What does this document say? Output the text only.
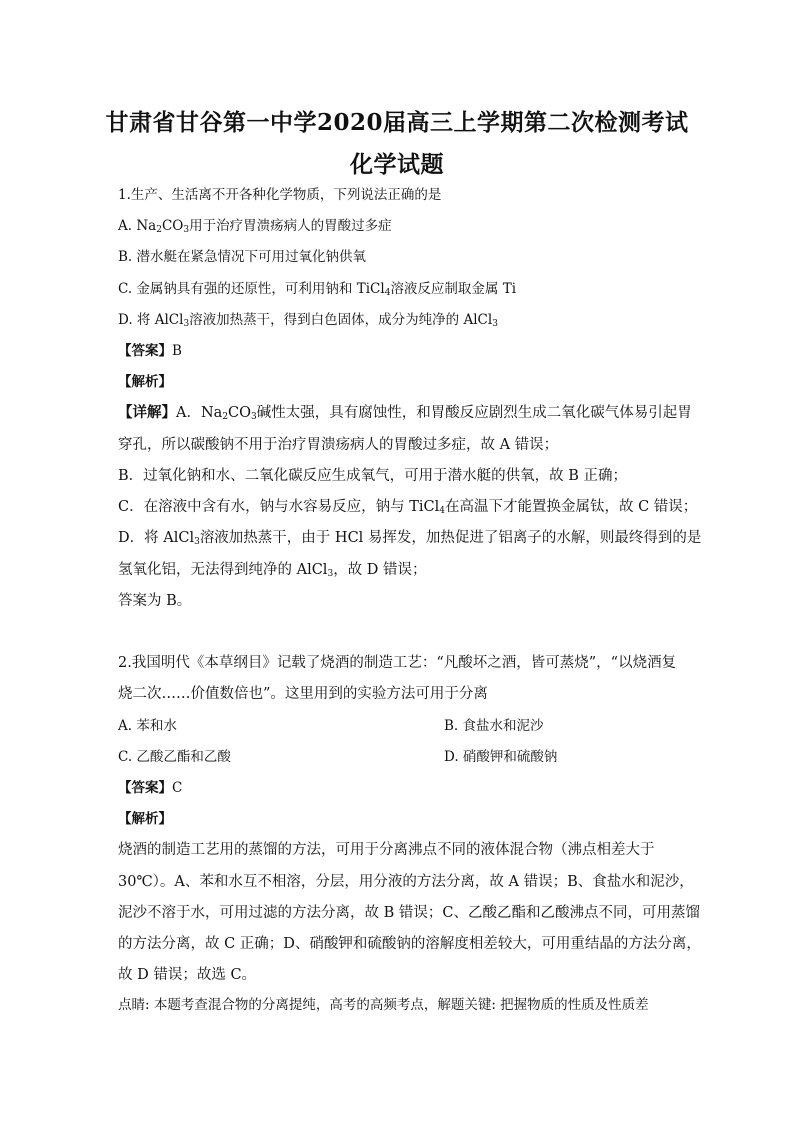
甘肃省甘谷第一中学2020届高三上学期第二次检测考试
化学试题
1.生产、生活离不开各种化学物质，下列说法正确的是
A. $Na_2CO_3$用于治疗胃溃疡病人的胃酸过多症
B. 潜水艇在紧急情况下可用过氧化钠供氧
C. 金属钠具有强的还原性，可利用钠和 TiCl$_4$溶液反应制取金属 Ti
D. 将 AlCl$_3$溶液加热蒸干，得到白色固体，成分为纯净的 AlCl$_3$
【答案】B
【解析】
【详解】A．$Na_2CO_3$碱性太强，具有腐蚀性，和胃酸反应剧烈生成二氧化碳气体易引起胃
穿孔，所以碳酸钠不用于治疗胃溃疡病人的胃酸过多症，故 A 错误；
B．过氧化钠和水、二氧化碳反应生成氧气，可用于潜水艇的供氧，故 B 正确；
C．在溶液中含有水，钠与水容易反应，钠与 TiCl$_4$在高温下才能置换金属钛，故 C 错误；
D．将 AlCl$_3$溶液加热蒸干，由于 HCl 易挥发，加热促进了铝离子的水解，则最终得到的是
氢氧化铝，无法得到纯净的 AlCl$_3$，故 D 错误；
答案为 B。
2.我国明代《本草纲目》记载了烧酒的制造工艺：“凡酸坏之酒，皆可蒸烧”，“以烧酒复
烧二次……价值数倍也”。这里用到的实验方法可用于分离
A. 苯和水	B. 食盐水和泥沙
C. 乙酸乙酯和乙酸	D. 硝酸钾和硫酸钠
【答案】C
【解析】
烧酒的制造工艺用的蒸馏的方法，可用于分离沸点不同的液体混合物（沸点相差大于
30℃）。A、苯和水互不相溶，分层，用分液的方法分离，故 A 错误；B、食盐水和泥沙，
泥沙不溶于水，可用过滤的方法分离，故 B 错误；C、乙酸乙酯和乙酸沸点不同，可用蒸馏
的方法分离，故 C 正确；D、硝酸钾和硫酸钠的溶解度相差较大，可用重结晶的方法分离，
故 D 错误；故选 C。
点睛: 本题考查混合物的分离提纯，高考的高频考点，解题关键: 把握物质的性质及性质差
